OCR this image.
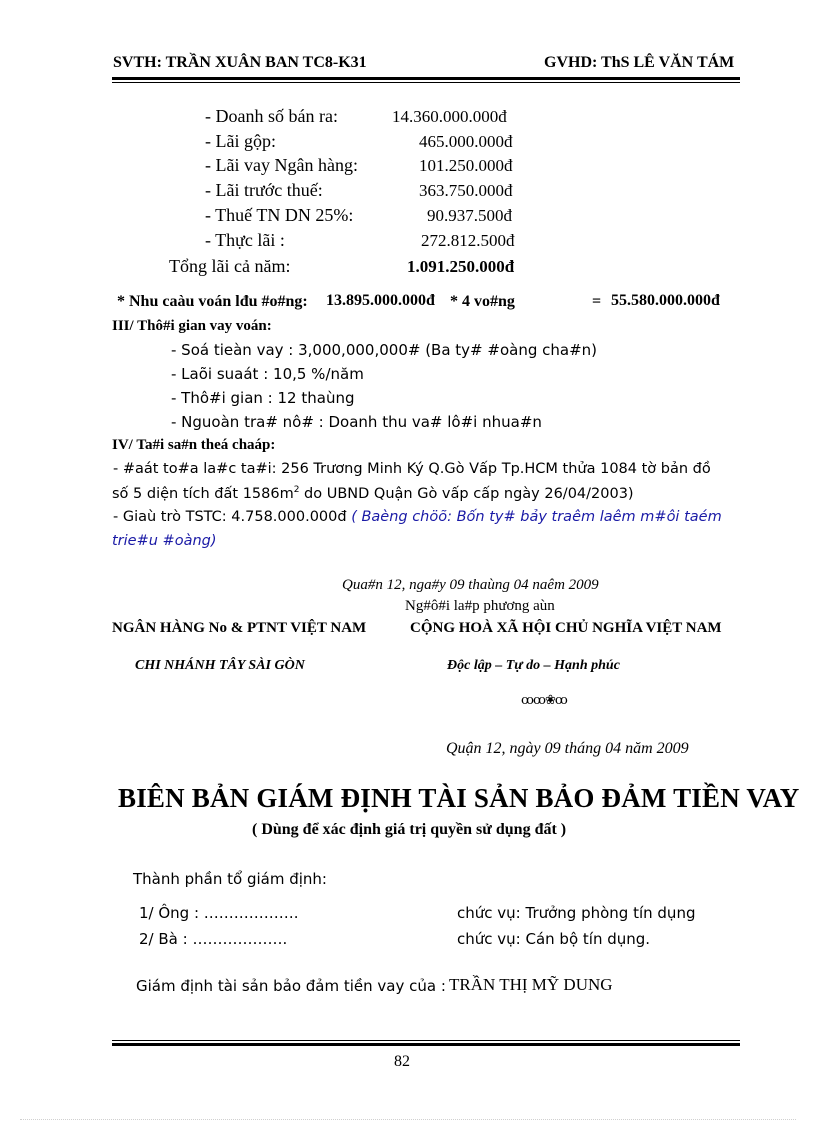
SVTH: TRẦN XUÂN BAN TC8-K31	GVHD: ThS LÊ VĂN TÁM
- Doanh số bán ra:	14.360.000.000đ
- Lãi gộp:	465.000.000đ
- Lãi vay Ngân hàng:	101.250.000đ
- Lãi trước thuế:	363.750.000đ
- Thuế TN DN 25%:	90.937.500đ
- Thực lãi :	272.812.500đ
Tổng lãi cả năm:	1.091.250.000đ
* Nhu caàu voán lđu #o#ng: 13.895.000.000đ * 4 vo#ng	= 55.580.000.000đ
III/ Thô#i gian vay voán:
- Soá tieàn vay : 3,000,000,000# (Ba ty# #oàng cha#n)
- Laõi suaát : 10,5 %/năm
- Thô#i gian : 12 thaùng
- Nguoàn tra# nô# : Doanh thu va# lô#i nhua#n
IV/ Ta#i sa#n theá chaáp:
- #aát to#a la#c ta#i: 256 Trương Minh Ký Q.Gò Vấp Tp.HCM thửa 1084 tờ bản đồ
số 5 diện tích đất $1586m^2$ do UBND Quận Gò vấp cấp ngày 26/04/2003)
- Giaù trò TSTC: 4.758.000.000đ ( Baèng chöõ: Bốn ty# bảy traêm laêm m#ôi taém
trie#u #oàng)
Qua#n 12, nga#y 09 thaùng 04 naêm 2009
Ng#ô#i la#p phương aùn
NGÂN HÀNG No & PTNT VIỆT NAM	CỘNG HOÀ XÃ HỘI CHỦ NGHĨA VIỆT NAM
CHI NHÁNH TÂY SÀI GÒN	Độc lập – Tự do – Hạnh phúc
ꝏꝏ❀ꝏ
Quận 12, ngày 09 tháng 04 năm 2009
BIÊN BẢN GIÁM ĐỊNH TÀI SẢN BẢO ĐẢM TIỀN VAY
( Dùng để xác định giá trị quyền sử dụng đất )
Thành phần tổ giám định:
1/ Ông : ……………….	chức vụ: Trưởng phòng tín dụng
2/ Bà : ……………….	chức vụ: Cán bộ tín dụng.
Giám định tài sản bảo đảm tiền vay của : TRẦN THỊ MỸ DUNG
82
